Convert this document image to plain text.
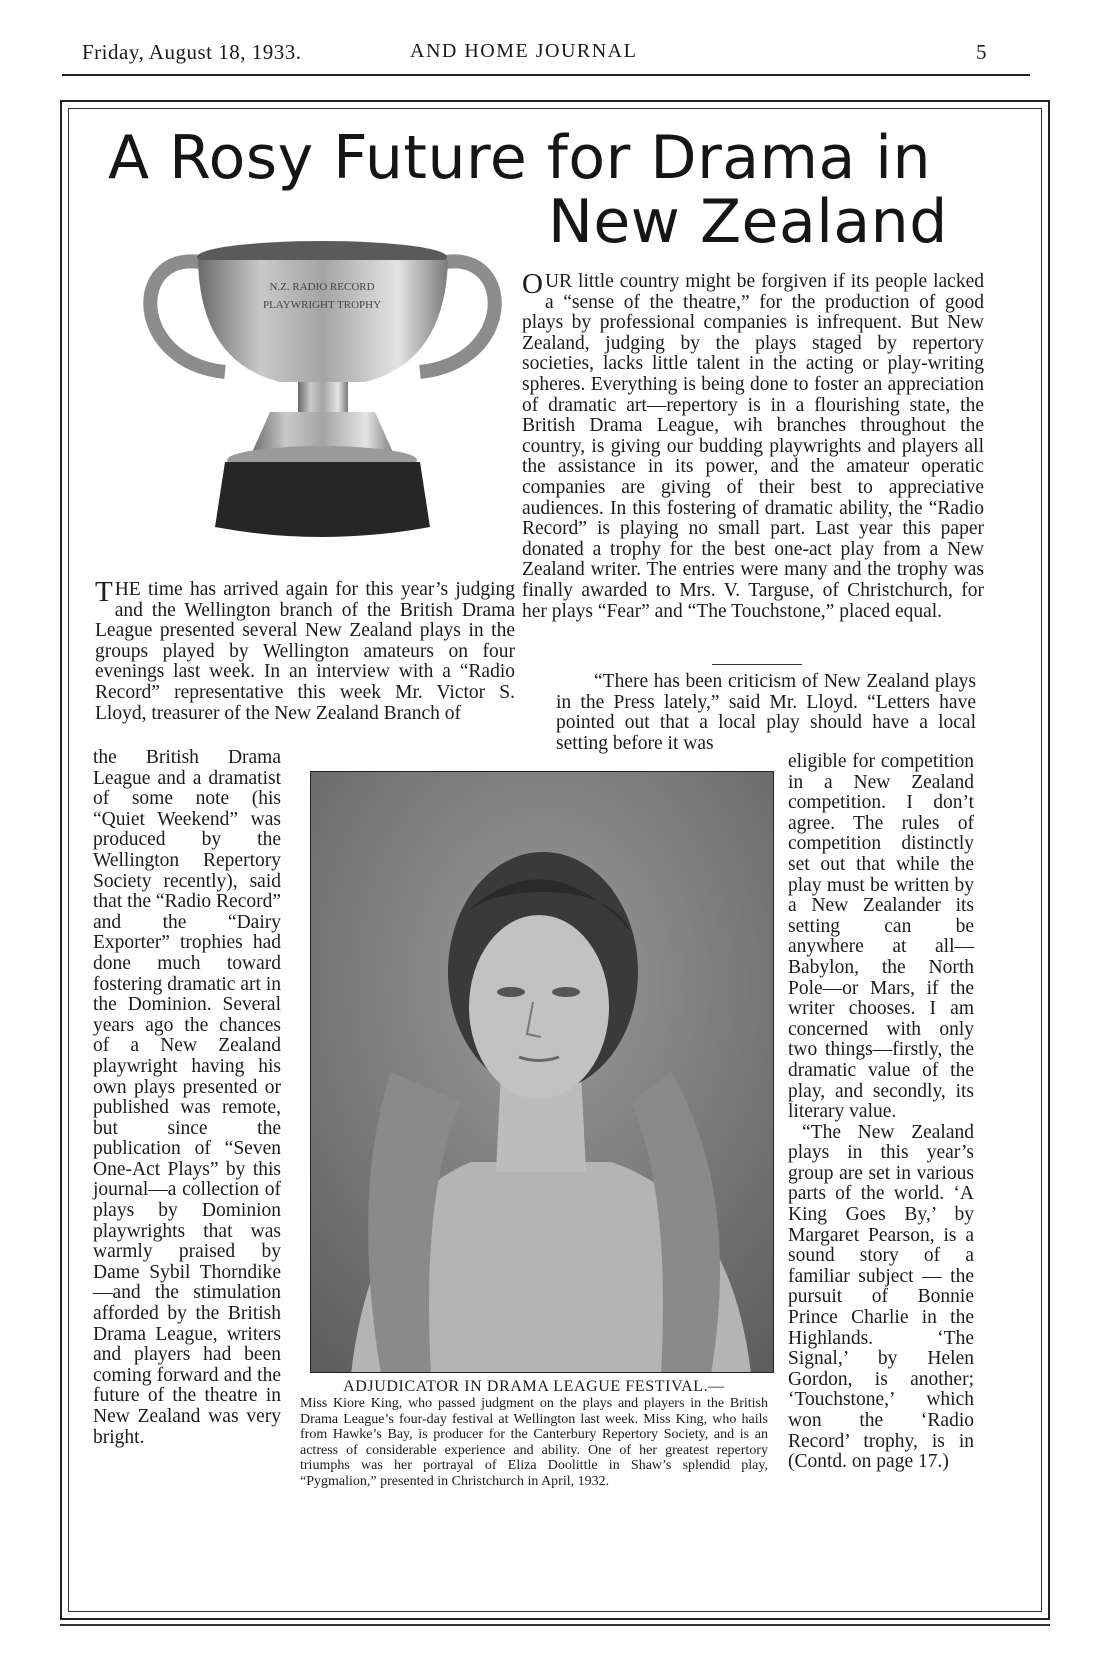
Friday, August 18, 1933.	AND HOME JOURNAL	5
A Rosy Future for Drama in
New Zealand
N.Z. RADIO RECORD
PLAYWRIGHT TROPHY

O UR little country might be forgiven if its people lacked a “sense of the theatre,” for the production of good plays by professional companies is infrequent. But New Zealand, judging by the plays staged by repertory societies, lacks little talent in the acting or play-writing spheres. Everything is being done to foster an appreciation of dramatic art—repertory is in a flourishing state, the British Drama League, wih branches throughout the country, is giving our budding playwrights and players all the assistance in its power, and the amateur operatic companies are giving of their best to appreciative audiences. In this fostering of dramatic ability, the “Radio Record” is playing no small part. Last year this paper donated a trophy for the best one-act play from a New Zealand writer. The entries were many and the trophy was finally awarded to Mrs. V. Targuse, of Christchurch, for her plays “Fear” and “The Touchstone,” placed equal.

“There has been criticism of New Zealand plays in the Press lately,” said Mr. Lloyd. “Letters have pointed out that a local play should have a local setting before it was

T HE time has arrived again for this year’s judging and the Wellington branch of the British Drama League presented several New Zealand plays in the groups played by Wellington amateurs on four evenings last week. In an interview with a “Radio Record” representative this week Mr. Victor S. Lloyd, treasurer of the New Zealand Branch of

the British Drama League and a dramatist of some note (his “Quiet Weekend” was produced by the Wellington Repertory Society recently), said that the “Radio Record” and the “Dairy Exporter” trophies had done much toward fostering dramatic art in the Dominion. Several years ago the chances of a New Zealand playwright having his own plays presented or published was remote, but since the publication of “Seven One-Act Plays” by this journal—a collection of plays by Dominion playwrights that was warmly praised by Dame Sybil Thorndike—and the stimulation afforded by the British Drama League, writers and players had been coming forward and the future of the theatre in New Zealand was very bright.

ADJUDICATOR IN DRAMA LEAGUE FESTIVAL.—

Miss Kiore King, who passed judgment on the plays and players in the British Drama League’s four-day festival at Wellington last week. Miss King, who hails from Hawke’s Bay, is producer for the Canterbury Repertory Society, and is an actress of considerable experience and ability. One of her greatest repertory triumphs was her portrayal of Eliza Doolittle in Shaw’s splendid play, “Pygmalion,” presented in Christchurch in April, 1932.

eligible for competition in a New Zealand competition. I don’t agree. The rules of competition distinctly set out that while the play must be written by a New Zealander its setting can be anywhere at all—Babylon, the North Pole—or Mars, if the writer chooses. I am concerned with only two things—firstly, the dramatic value of the play, and secondly, its literary value.

“The New Zealand plays in this year’s group are set in various parts of the world. ‘A King Goes By,’ by Margaret Pearson, is a sound story of a familiar subject — the pursuit of Bonnie Prince Charlie in the Highlands. ‘The Signal,’ by Helen Gordon, is another; ‘Touchstone,’ which won the ‘Radio Record’ trophy, is in (Contd. on page 17.)
